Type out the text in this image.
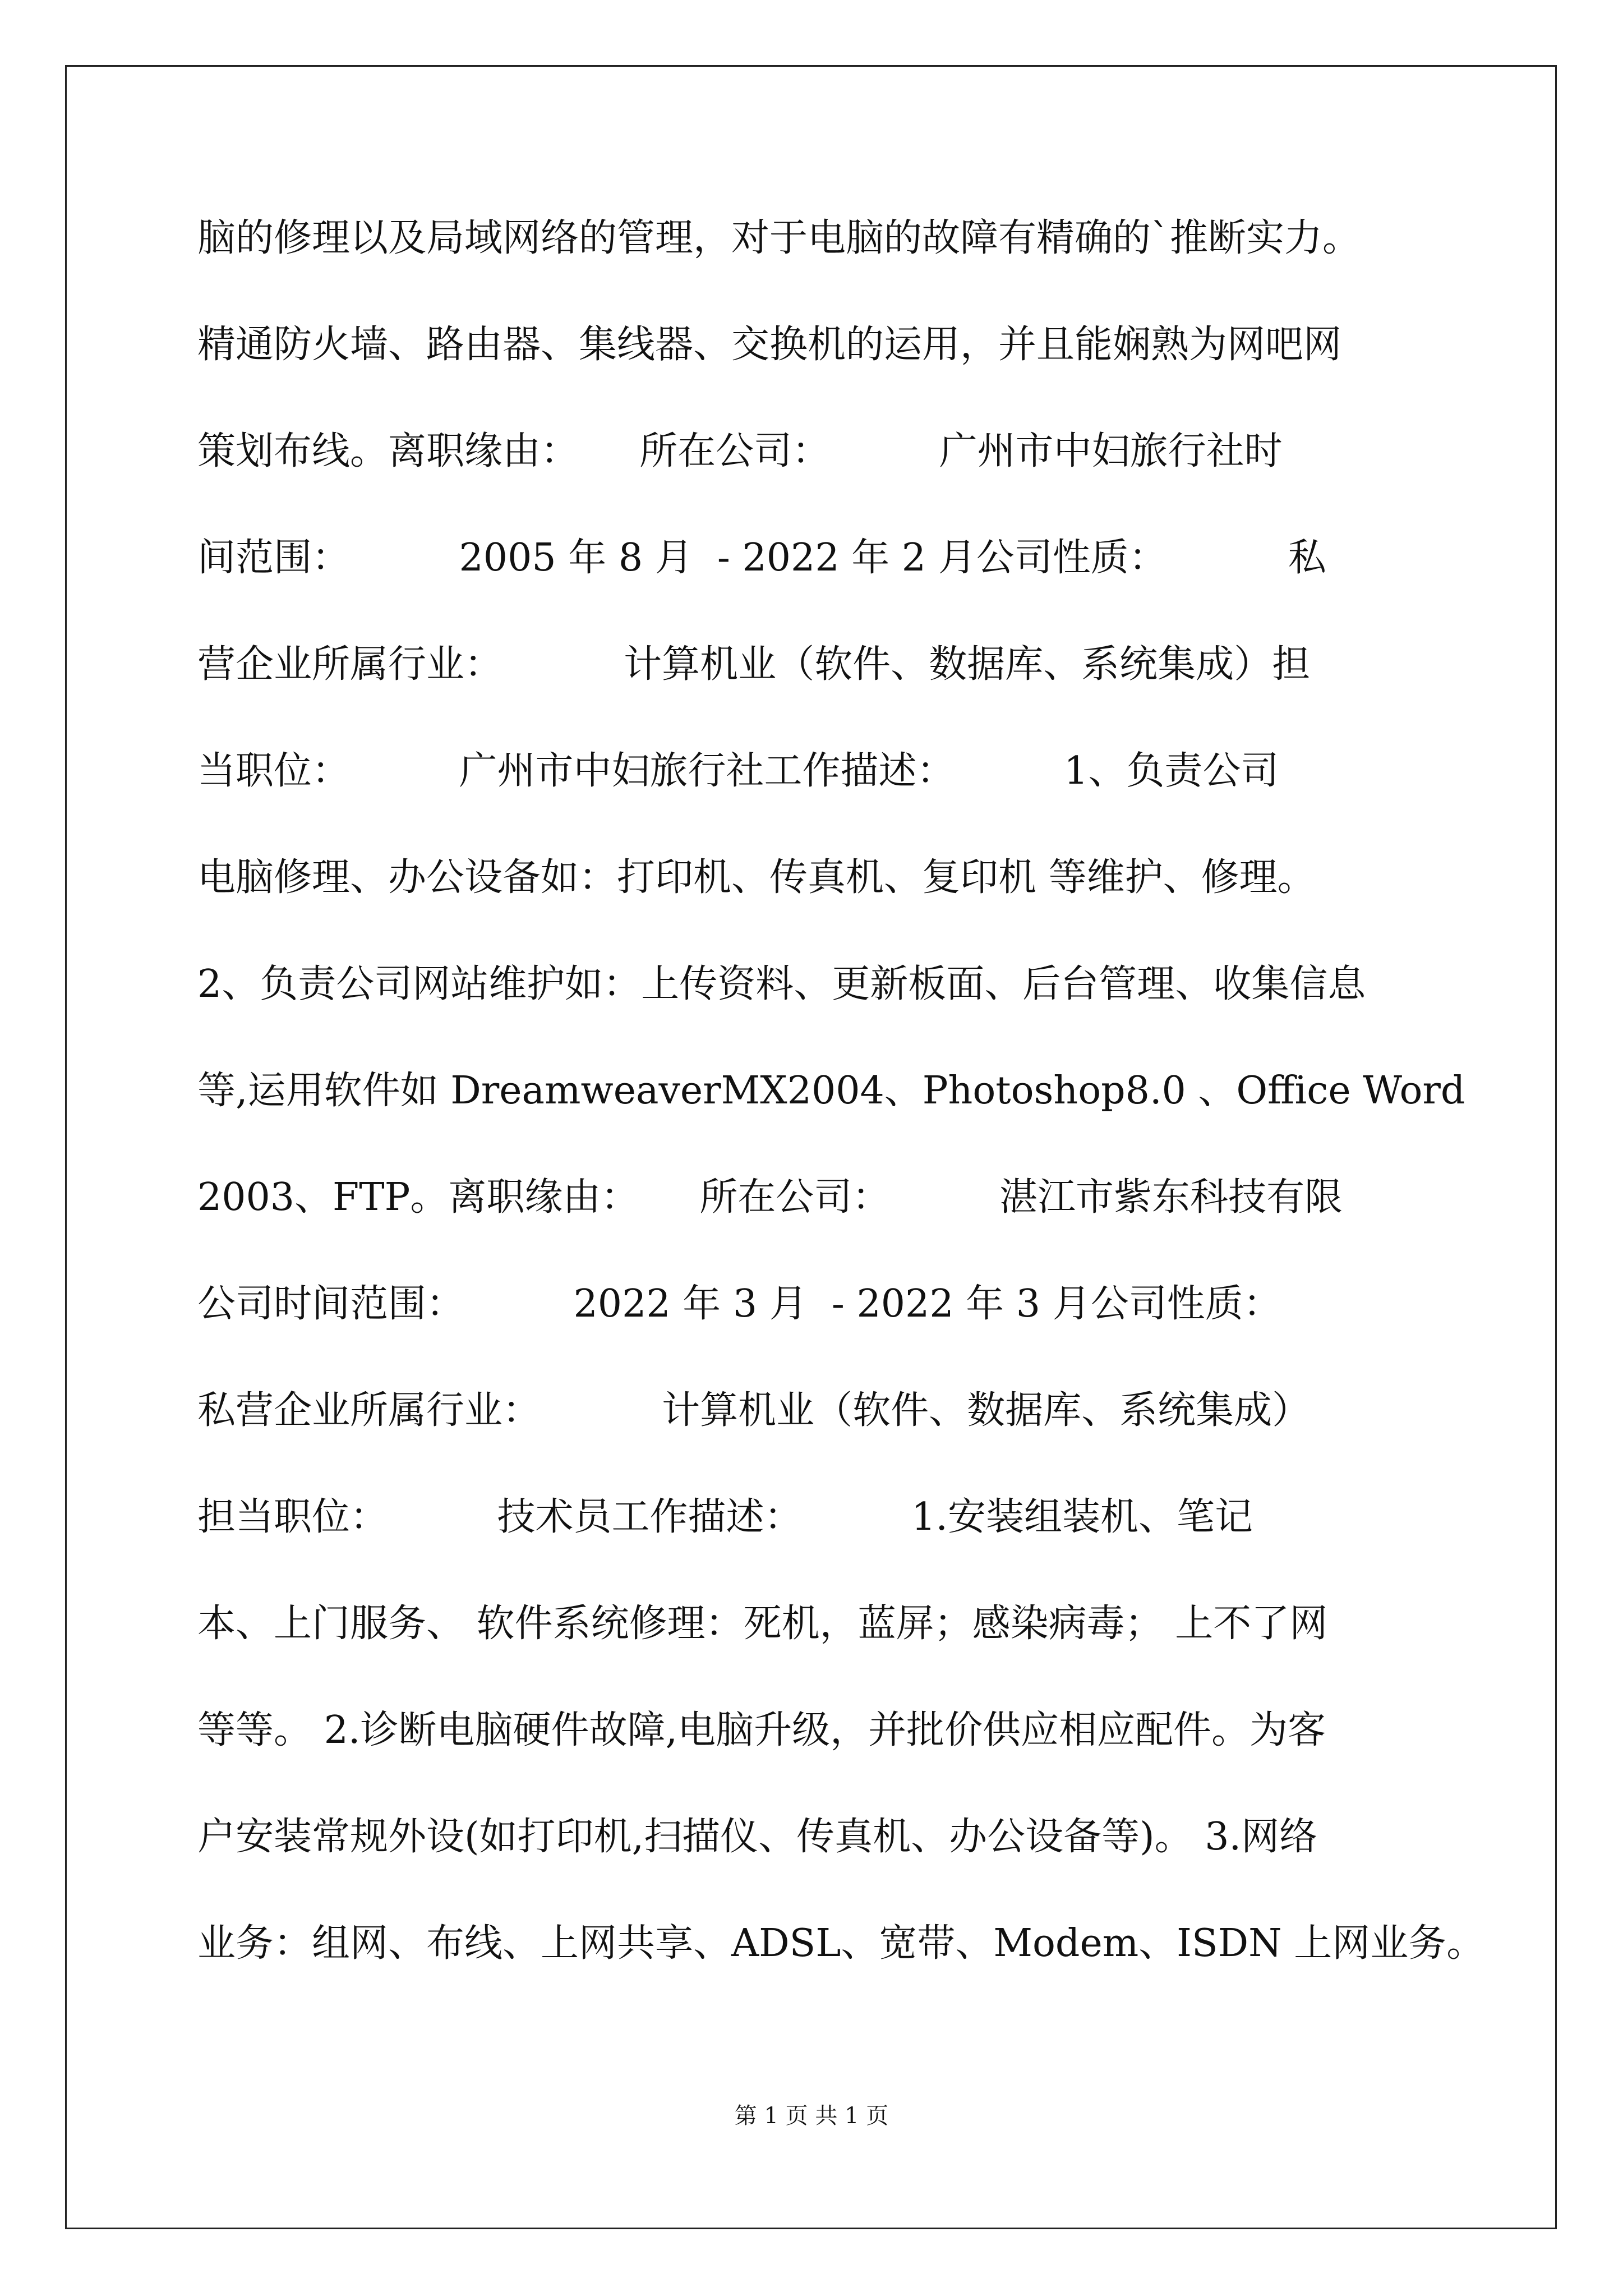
脑的修理以及局域网络的管理，对于电脑的故障有精确的`推断实力。
精通防火墙、路由器、集线器、交换机的运用，并且能娴熟为网吧网
策划布线。离职缘由：     所在公司：         广州市中妇旅行社时
间范围：         2005 年 8 月  - 2022 年 2 月公司性质：          私
营企业所属行业：          计算机业（软件、数据库、系统集成）担
当职位：         广州市中妇旅行社工作描述：         1、负责公司
电脑修理、办公设备如：打印机、传真机、复印机 等维护、修理。
2、负责公司网站维护如：上传资料、更新板面、后台管理、收集信息
等,运用软件如 DreamweaverMX2004、Photoshop8.0 、Office Word
2003、FTP。离职缘由：     所在公司：         湛江市紫东科技有限
公司时间范围：         2022 年 3 月  - 2022 年 3 月公司性质：
私营企业所属行业：          计算机业（软件、数据库、系统集成）
担当职位：         技术员工作描述：         1.安装组装机、笔记
本、上门服务、 软件系统修理：死机，蓝屏；感染病毒； 上不了网
等等。 2.诊断电脑硬件故障,电脑升级，并批价供应相应配件。为客
户安装常规外设(如打印机,扫描仪、传真机、办公设备等)。 3.网络
业务：组网、布线、上网共享、ADSL、宽带、Modem、ISDN 上网业务。
第 1 页 共 1 页
